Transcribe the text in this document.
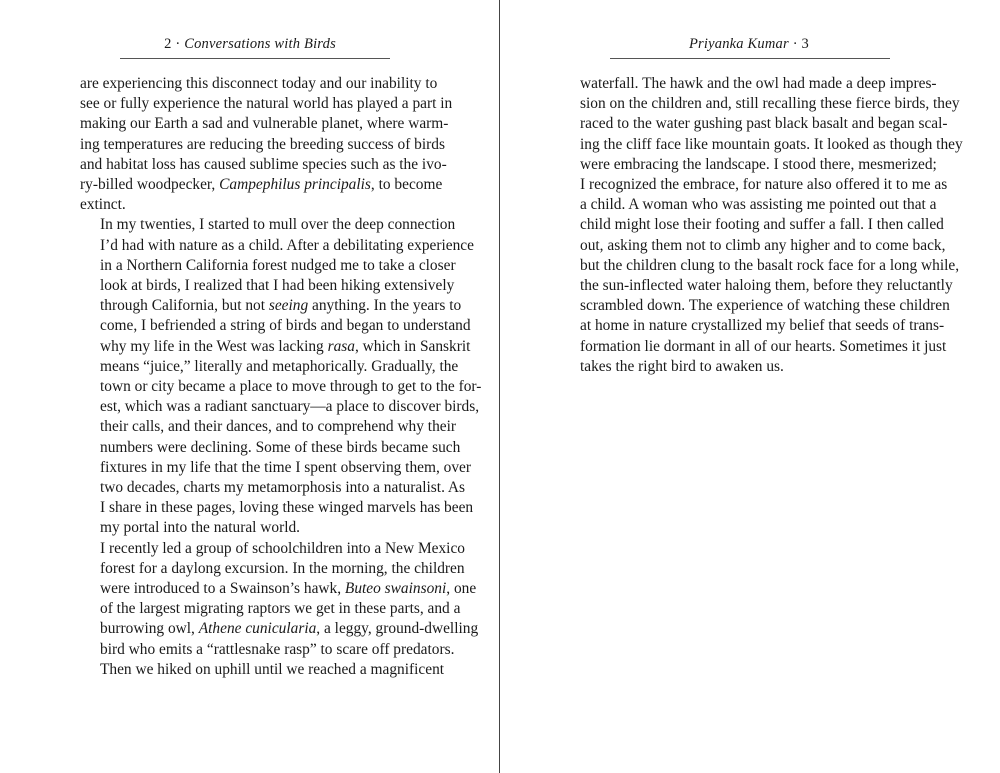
2 · Conversations with Birds

are experiencing this disconnect today and our inability to
see or fully experience the natural world has played a part in
making our Earth a sad and vulnerable planet, where warm-
ing temperatures are reducing the breeding success of birds
and habitat loss has caused sublime species such as the ivo-
ry-billed woodpecker, Campephilus principalis, to become
extinct.

In my twenties, I started to mull over the deep connection
I’d had with nature as a child. After a debilitating experience
in a Northern California forest nudged me to take a closer
look at birds, I realized that I had been hiking extensively
through California, but not seeing anything. In the years to
come, I befriended a string of birds and began to understand
why my life in the West was lacking rasa, which in Sanskrit
means “juice,” literally and metaphorically. Gradually, the
town or city became a place to move through to get to the for-
est, which was a radiant sanctuary—a place to discover birds,
their calls, and their dances, and to comprehend why their
numbers were declining. Some of these birds became such
fixtures in my life that the time I spent observing them, over
two decades, charts my metamorphosis into a naturalist. As
I share in these pages, loving these winged marvels has been
my portal into the natural world.

I recently led a group of schoolchildren into a New Mexico
forest for a daylong excursion. In the morning, the children
were introduced to a Swainson’s hawk, Buteo swainsoni, one
of the largest migrating raptors we get in these parts, and a
burrowing owl, Athene cunicularia, a leggy, ground-dwelling
bird who emits a “rattlesnake rasp” to scare off predators.
Then we hiked on uphill until we reached a magnificent

Priyanka Kumar · 3

waterfall. The hawk and the owl had made a deep impres-
sion on the children and, still recalling these fierce birds, they
raced to the water gushing past black basalt and began scal-
ing the cliff face like mountain goats. It looked as though they
were embracing the landscape. I stood there, mesmerized;
I recognized the embrace, for nature also offered it to me as
a child. A woman who was assisting me pointed out that a
child might lose their footing and suffer a fall. I then called
out, asking them not to climb any higher and to come back,
but the children clung to the basalt rock face for a long while,
the sun-inflected water haloing them, before they reluctantly
scrambled down. The experience of watching these children
at home in nature crystallized my belief that seeds of trans-
formation lie dormant in all of our hearts. Sometimes it just
takes the right bird to awaken us.
